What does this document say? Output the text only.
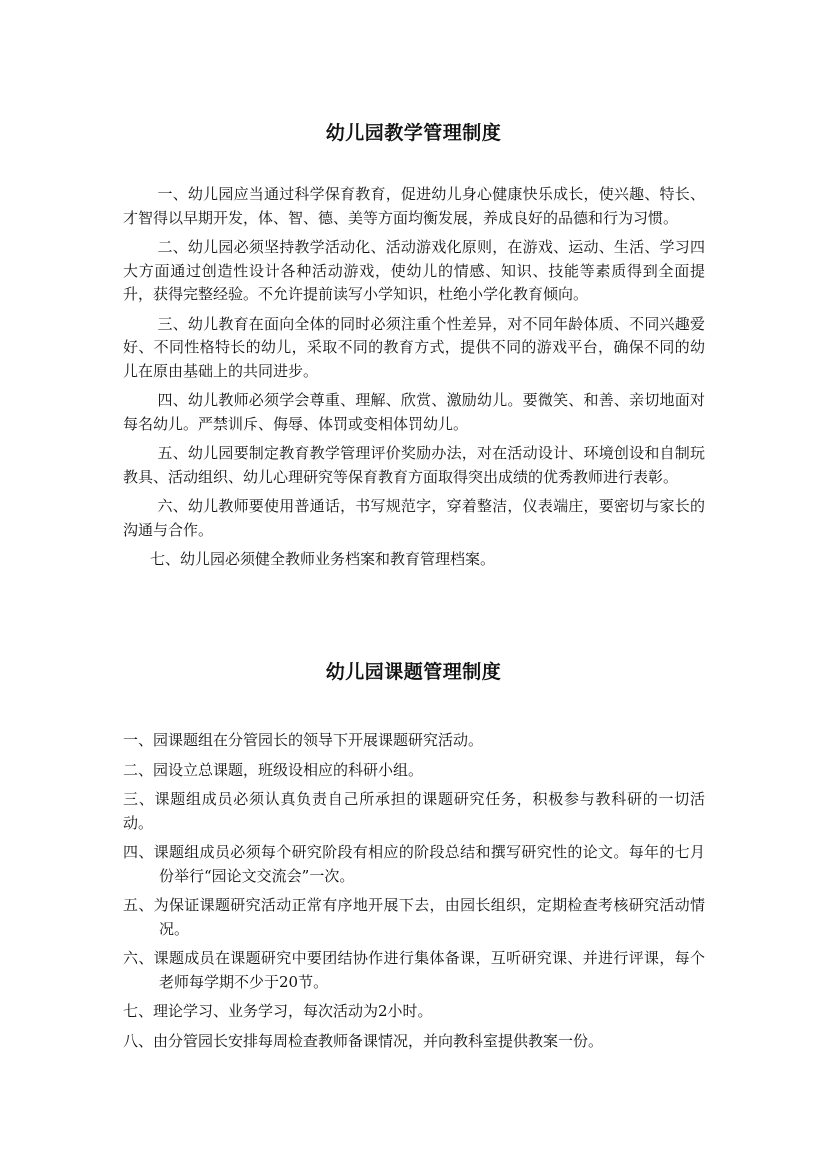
幼儿园教学管理制度

一、幼儿园应当通过科学保育教育，促进幼儿身心健康快乐成长，使兴趣、特长、才智得以早期开发，体、智、德、美等方面均衡发展，养成良好的品德和行为习惯。

二、幼儿园必须坚持教学活动化、活动游戏化原则，在游戏、运动、生活、学习四大方面通过创造性设计各种活动游戏，使幼儿的情感、知识、技能等素质得到全面提升，获得完整经验。不允许提前读写小学知识，杜绝小学化教育倾向。

三、幼儿教育在面向全体的同时必须注重个性差异，对不同年龄体质、不同兴趣爱好、不同性格特长的幼儿，采取不同的教育方式，提供不同的游戏平台，确保不同的幼儿在原由基础上的共同进步。

四、幼儿教师必须学会尊重、理解、欣赏、激励幼儿。要微笑、和善、亲切地面对每名幼儿。严禁训斥、侮辱、体罚或变相体罚幼儿。

五、幼儿园要制定教育教学管理评价奖励办法，对在活动设计、环境创设和自制玩教具、活动组织、幼儿心理研究等保育教育方面取得突出成绩的优秀教师进行表彰。

六、幼儿教师要使用普通话，书写规范字，穿着整洁，仪表端庄，要密切与家长的沟通与合作。

七、幼儿园必须健全教师业务档案和教育管理档案。

幼儿园课题管理制度

一、园课题组在分管园长的领导下开展课题研究活动。

二、园设立总课题，班级设相应的科研小组。

三、课题组成员必须认真负责自己所承担的课题研究任务，积极参与教科研的一切活动。

四、课题组成员必须每个研究阶段有相应的阶段总结和撰写研究性的论文。每年的七月份举行“园论文交流会”一次。

五、为保证课题研究活动正常有序地开展下去，由园长组织，定期检查考核研究活动情况。

六、课题成员在课题研究中要团结协作进行集体备课，互听研究课、并进行评课，每个老师每学期不少于20节。

七、理论学习、业务学习，每次活动为2小时。

八、由分管园长安排每周检查教师备课情况，并向教科室提供教案一份。
